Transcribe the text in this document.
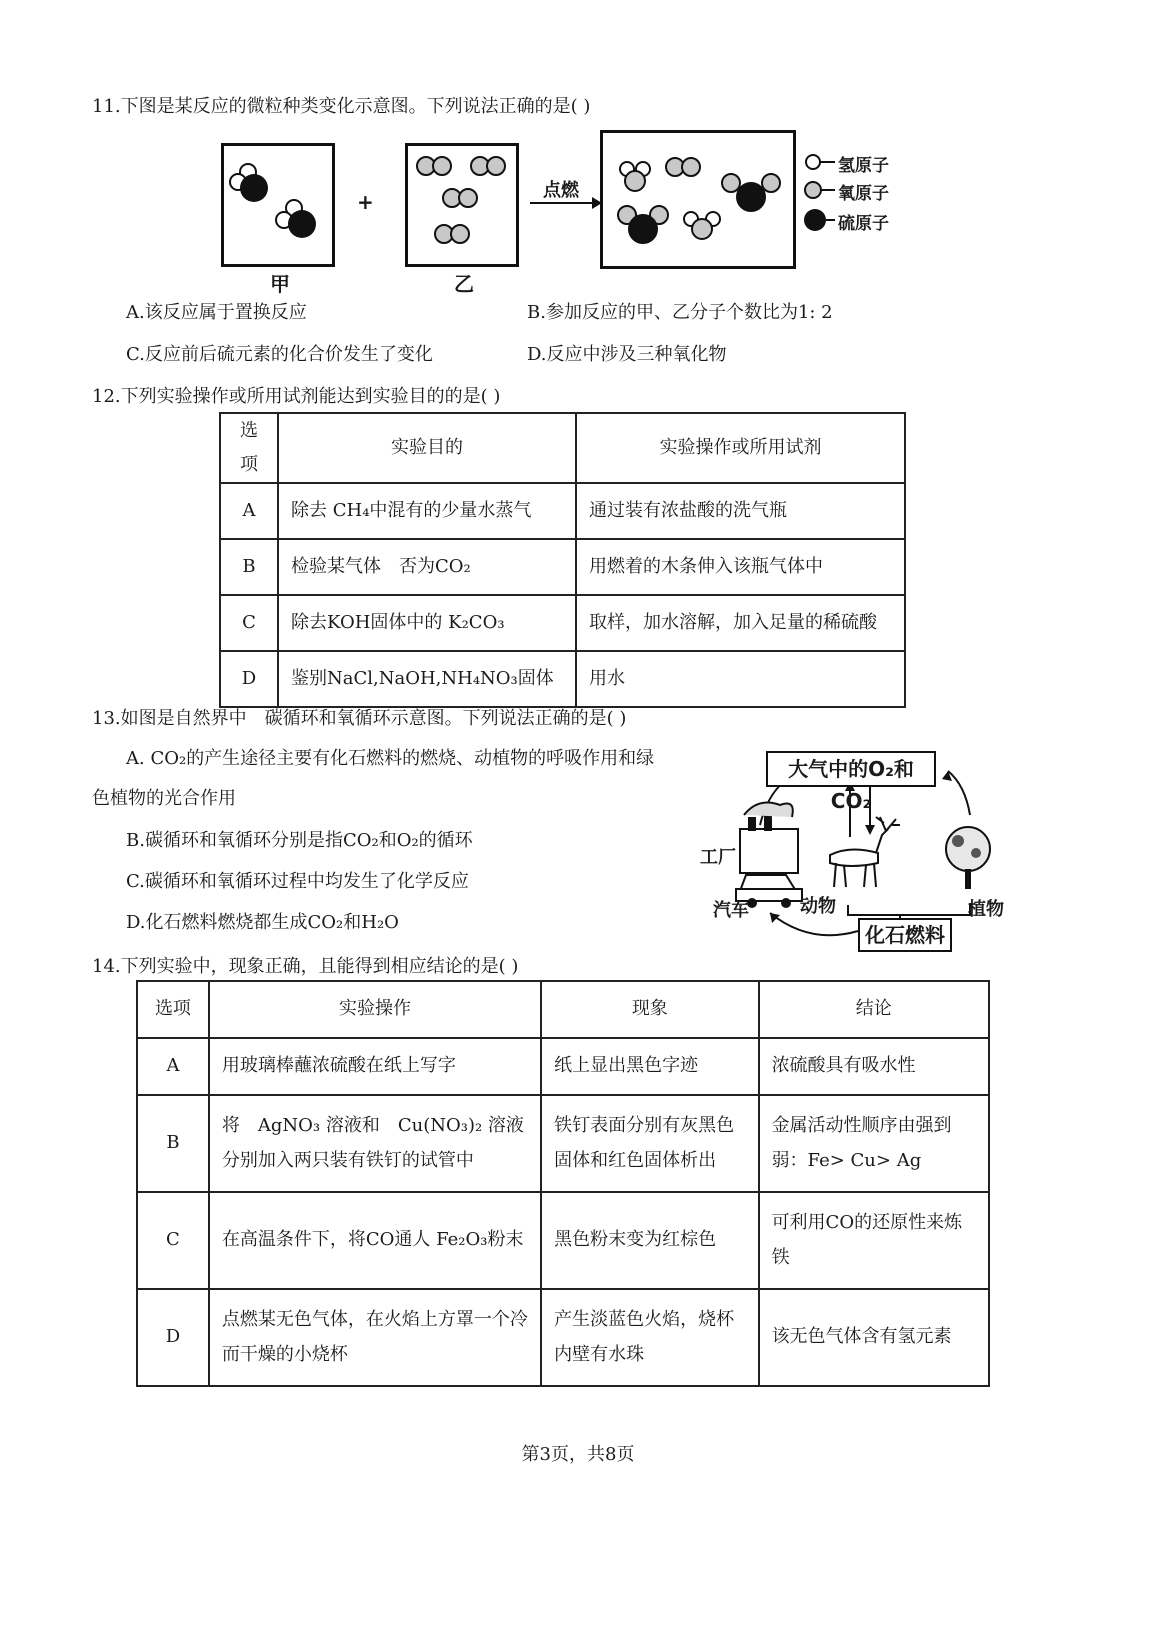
11.下图是某反应的微粒种类变化示意图。下列说法正确的是( )
甲
+
乙
点燃
氢原子
氧原子
硫原子
A.该反应属于置换反应	B.参加反应的甲、乙分子个数比为1: 2
C.反应前后硫元素的化合价发生了变化	D.反应中涉及三种氧化物
12.下列实验操作或所用试剂能达到实验目的的是( )
选项	实验目的	实验操作或所用试剂
A	除去 CH₄中混有的少量水蒸气	通过装有浓盐酸的洗气瓶
B	检验某气体　否为CO₂	用燃着的木条伸入该瓶气体中
C	除去KOH固体中的 K₂CO₃	取样，加水溶解，加入足量的稀硫酸
D	鉴别NaCl,NaOH,NH₄NO₃固体	用水
13.如图是自然界中　碳循环和氧循环示意图。下列说法正确的是( )
A. CO₂的产生途径主要有化石燃料的燃烧、动植物的呼吸作用和绿
色植物的光合作用
B.碳循环和氧循环分别是指CO₂和O₂的循环
C.碳循环和氧循环过程中均发生了化学反应
D.化石燃料燃烧都生成CO₂和H₂O
大气中的O₂和CO₂
工厂
汽车	动物	植物
化石燃料
14.下列实验中，现象正确，且能得到相应结论的是( )
选项	实验操作	现象	结论
A	用玻璃棒蘸浓硫酸在纸上写字	纸上显出黑色字迹	浓硫酸具有吸水性
B	将　AgNO₃ 溶液和　Cu(NO₃)₂ 溶液分别加入两只装有铁钉的试管中	铁钉表面分别有灰黑色固体和红色固体析出	金属活动性顺序由强到弱：Fe> Cu> Ag
C	在高温条件下，将CO通人 Fe₂O₃粉末	黑色粉末变为红棕色	可利用CO的还原性来炼铁
D	点燃某无色气体，在火焰上方罩一个冷而干燥的小烧杯	产生淡蓝色火焰，烧杯内壁有水珠	该无色气体含有氢元素
第3页，共8页
